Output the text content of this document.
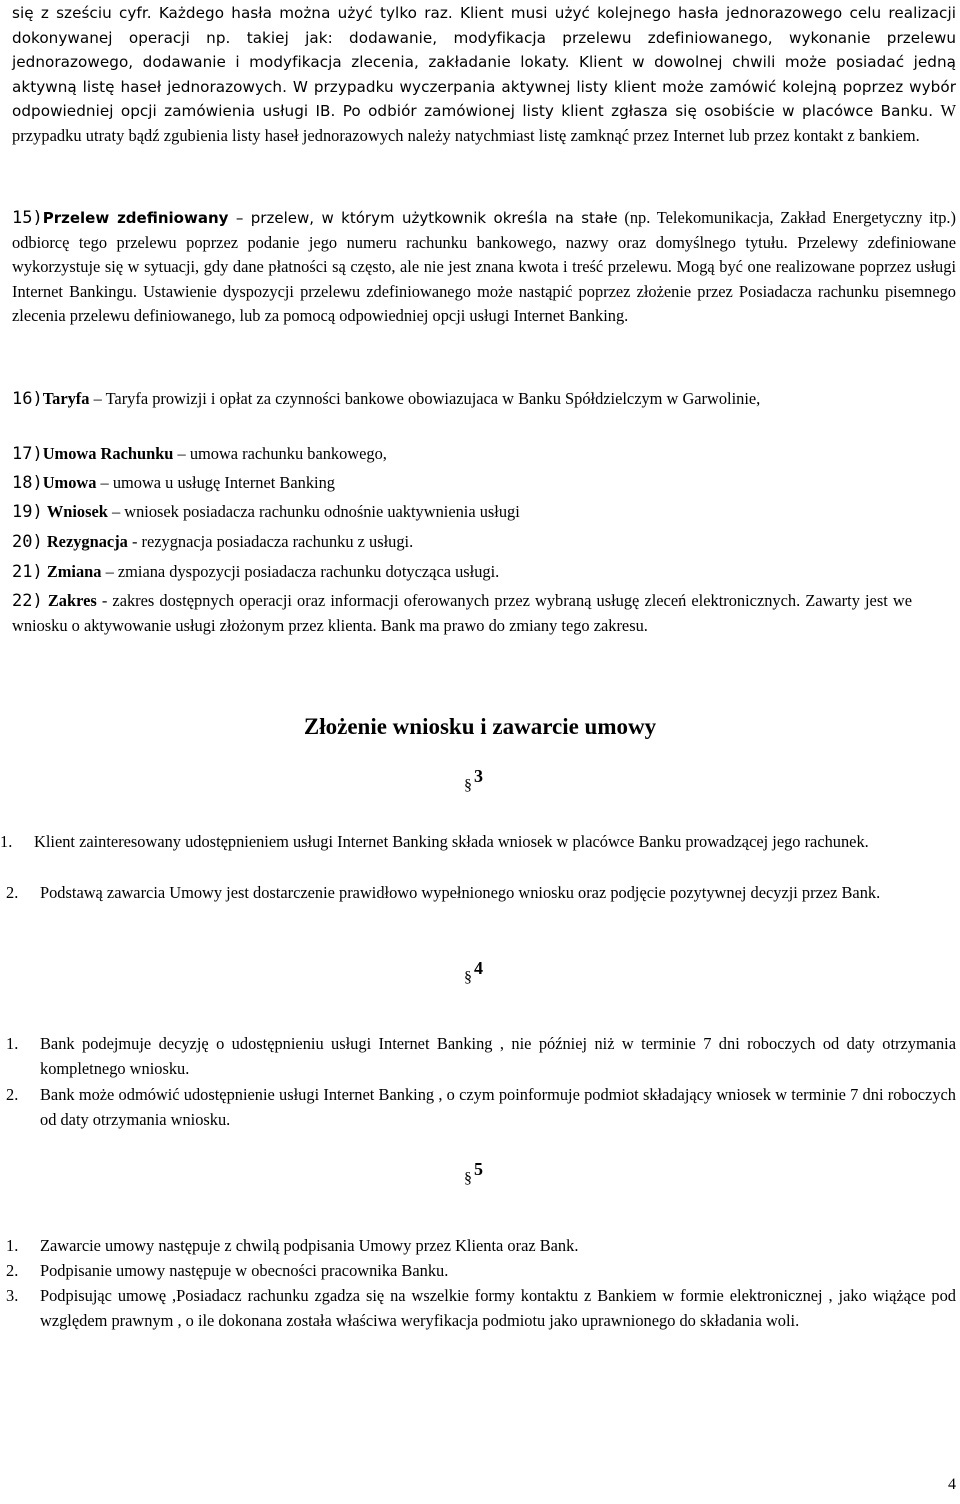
się z sześciu cyfr. Każdego hasła można użyć tylko raz. Klient musi użyć kolejnego hasła jednorazowego celu realizacji dokonywanej operacji np. takiej jak: dodawanie, modyfikacja przelewu zdefiniowanego, wykonanie przelewu jednorazowego, dodawanie i modyfikacja zlecenia, zakładanie lokaty. Klient w dowolnej chwili może posiadać jedną aktywną listę haseł jednorazowych. W przypadku wyczerpania aktywnej listy klient może zamówić kolejną poprzez wybór odpowiedniej opcji zamówienia usługi IB. Po odbiór zamówionej listy klient zgłasza się osobiście w placówce Banku. W przypadku utraty bądź zgubienia listy haseł jednorazowych należy natychmiast listę zamknąć przez Internet lub przez kontakt z bankiem.
15)Przelew zdefiniowany – przelew, w którym użytkownik określa na stałe (np. Telekomunikacja, Zakład Energetyczny itp.) odbiorcę tego przelewu poprzez podanie jego numeru rachunku bankowego, nazwy oraz domyślnego tytułu. Przelewy zdefiniowane wykorzystuje się w sytuacji, gdy dane płatności są często, ale nie jest znana kwota i treść przelewu. Mogą być one realizowane poprzez usługi Internet Bankingu. Ustawienie dyspozycji przelewu zdefiniowanego może nastąpić poprzez złożenie przez Posiadacza rachunku pisemnego zlecenia przelewu definiowanego, lub za pomocą odpowiedniej opcji usługi Internet Banking.
16)Taryfa – Taryfa prowizji i opłat za czynności bankowe obowiazujaca w Banku Spółdzielczym w Garwolinie,
17)Umowa Rachunku – umowa rachunku bankowego,
18)Umowa – umowa u usługę Internet Banking
19) Wniosek – wniosek posiadacza rachunku odnośnie uaktywnienia usługi
20) Rezygnacja - rezygnacja posiadacza rachunku z usługi.
21) Zmiana – zmiana dyspozycji posiadacza rachunku dotycząca usługi.
22) Zakres - zakres dostępnych operacji oraz informacji oferowanych przez wybraną usługę zleceń elektronicznych. Zawarty jest we wniosku o aktywowanie usługi złożonym przez klienta. Bank ma prawo do zmiany tego zakresu.
Złożenie wniosku i zawarcie umowy
§ 3
1. Klient zainteresowany udostępnieniem usługi Internet Banking składa wniosek w placówce Banku prowadzącej jego rachunek.
2. Podstawą zawarcia Umowy jest dostarczenie prawidłowo wypełnionego wniosku oraz podjęcie pozytywnej decyzji przez Bank.
§ 4
1. Bank podejmuje decyzję o udostępnieniu usługi Internet Banking , nie później niż w terminie 7 dni roboczych od daty otrzymania kompletnego wniosku.
2. Bank może odmówić udostępnienie usługi Internet Banking , o czym poinformuje podmiot składający wniosek w terminie 7 dni roboczych od daty otrzymania wniosku.
§ 5
1. Zawarcie umowy następuje z chwilą podpisania Umowy przez Klienta oraz Bank.
2. Podpisanie umowy następuje w obecności pracownika Banku.
3. Podpisując umowę ,Posiadacz rachunku zgadza się na wszelkie formy kontaktu z Bankiem w formie elektronicznej , jako wiążące pod względem prawnym , o ile dokonana została właściwa weryfikacja podmiotu jako uprawnionego do składania woli.
4
